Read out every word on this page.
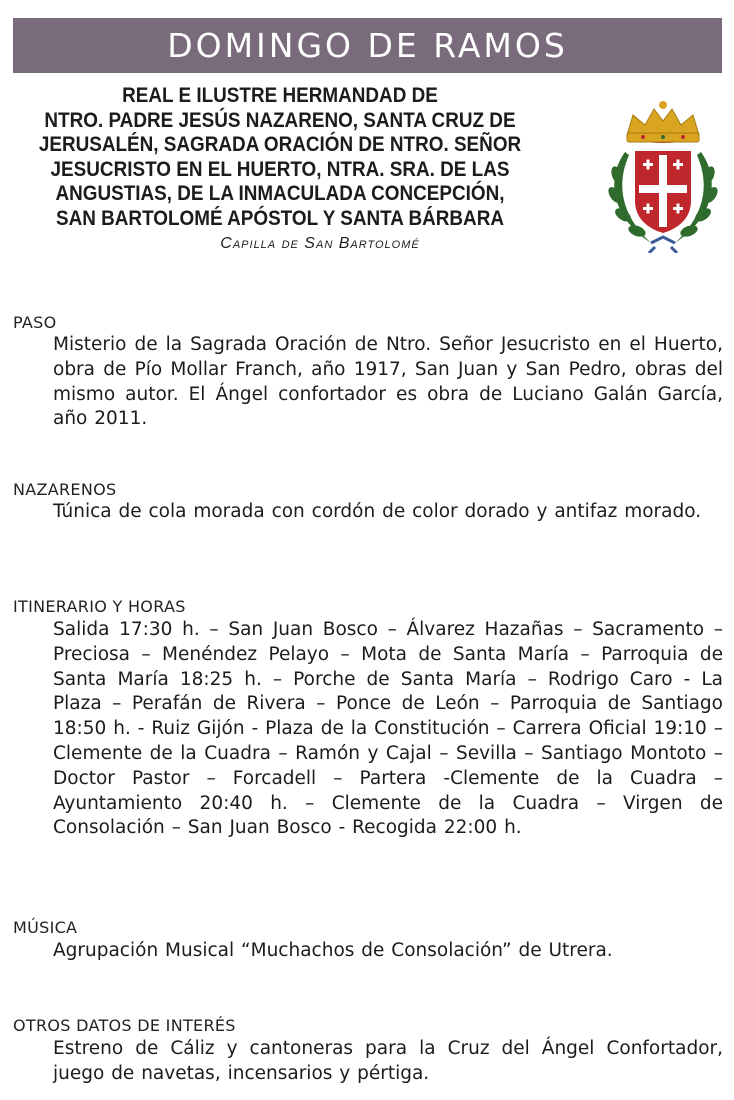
DOMINGO DE RAMOS
REAL E ILUSTRE HERMANDAD DE
NTRO. PADRE JESÚS NAZARENO, SANTA CRUZ DE
JERUSALÉN, SAGRADA ORACIÓN DE NTRO. SEÑOR
JESUCRISTO EN EL HUERTO, NTRA. SRA. DE LAS
ANGUSTIAS, DE LA INMACULADA CONCEPCIÓN,
SAN BARTOLOMÉ APÓSTOL Y SANTA BÁRBARA
Capilla de San Bartolomé
PASO
Misterio de la Sagrada Oración de Ntro. Señor Jesucristo en el Huerto, obra de Pío Mollar Franch, año 1917, San Juan y San Pedro, obras del mismo autor. El Ángel confortador es obra de Luciano Galán García, año 2011.
NAZARENOS
Túnica de cola morada con cordón de color dorado y antifaz morado.
ITINERARIO Y HORAS
Salida 17:30 h. – San Juan Bosco – Álvarez Hazañas – Sacramento – Preciosa – Menéndez Pelayo – Mota de Santa María – Parroquia de Santa María 18:25 h. – Porche de Santa María – Rodrigo Caro - La Plaza – Perafán de Rivera – Ponce de León – Parroquia de Santiago 18:50 h. - Ruiz Gijón - Plaza de la Constitución – Carrera Oficial 19:10 – Clemente de la Cuadra – Ramón y Cajal – Sevilla – Santiago Montoto – Doctor Pastor – Forcadell – Partera -Clemente de la Cuadra – Ayuntamiento 20:40 h. – Clemente de la Cuadra – Virgen de Consolación – San Juan Bosco - Recogida 22:00 h.
MÚSICA
Agrupación Musical “Muchachos de Consolación” de Utrera.
OTROS DATOS DE INTERÉS
Estreno de Cáliz y cantoneras para la Cruz del Ángel Confortador, juego de navetas, incensarios y pértiga.
